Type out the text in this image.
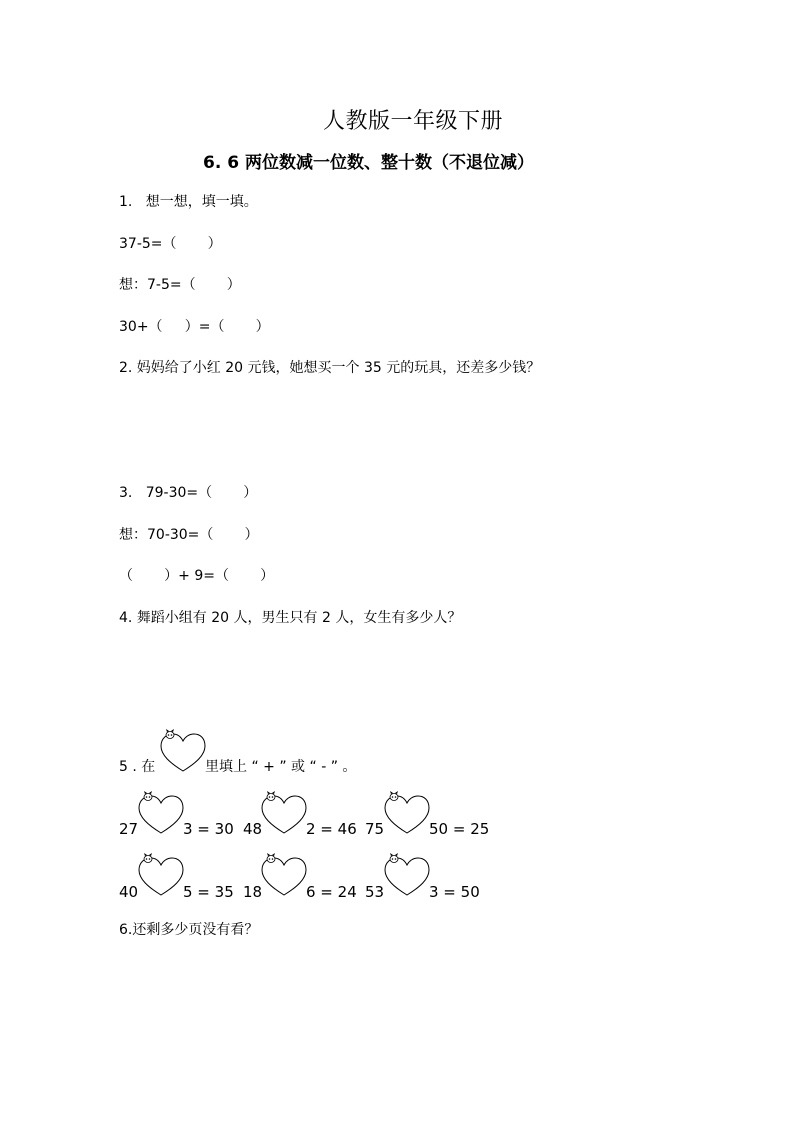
人教版一年级下册
6. 6 两位数减一位数、整十数（不退位减）
1.   想一想，填一填。
37-5=（       ）
想：7-5=（       ）
30+（     ）=（       ）
2. 妈妈给了小红 20 元钱，她想买一个 35 元的玩具，还差多少钱？
3.   79-30=（       ）
想：70-30=（       ）
（       ）+ 9=（       ）
4. 舞蹈小组有 20 人，男生只有 2 人，女生有多少人？
5 . 在	里填上 “ + ” 或 “ - ” 。
27	3 = 30 48	2 = 46 75	50 = 25
40	5 = 35 18	6 = 24 53	3 = 50
6.还剩多少页没有看？
